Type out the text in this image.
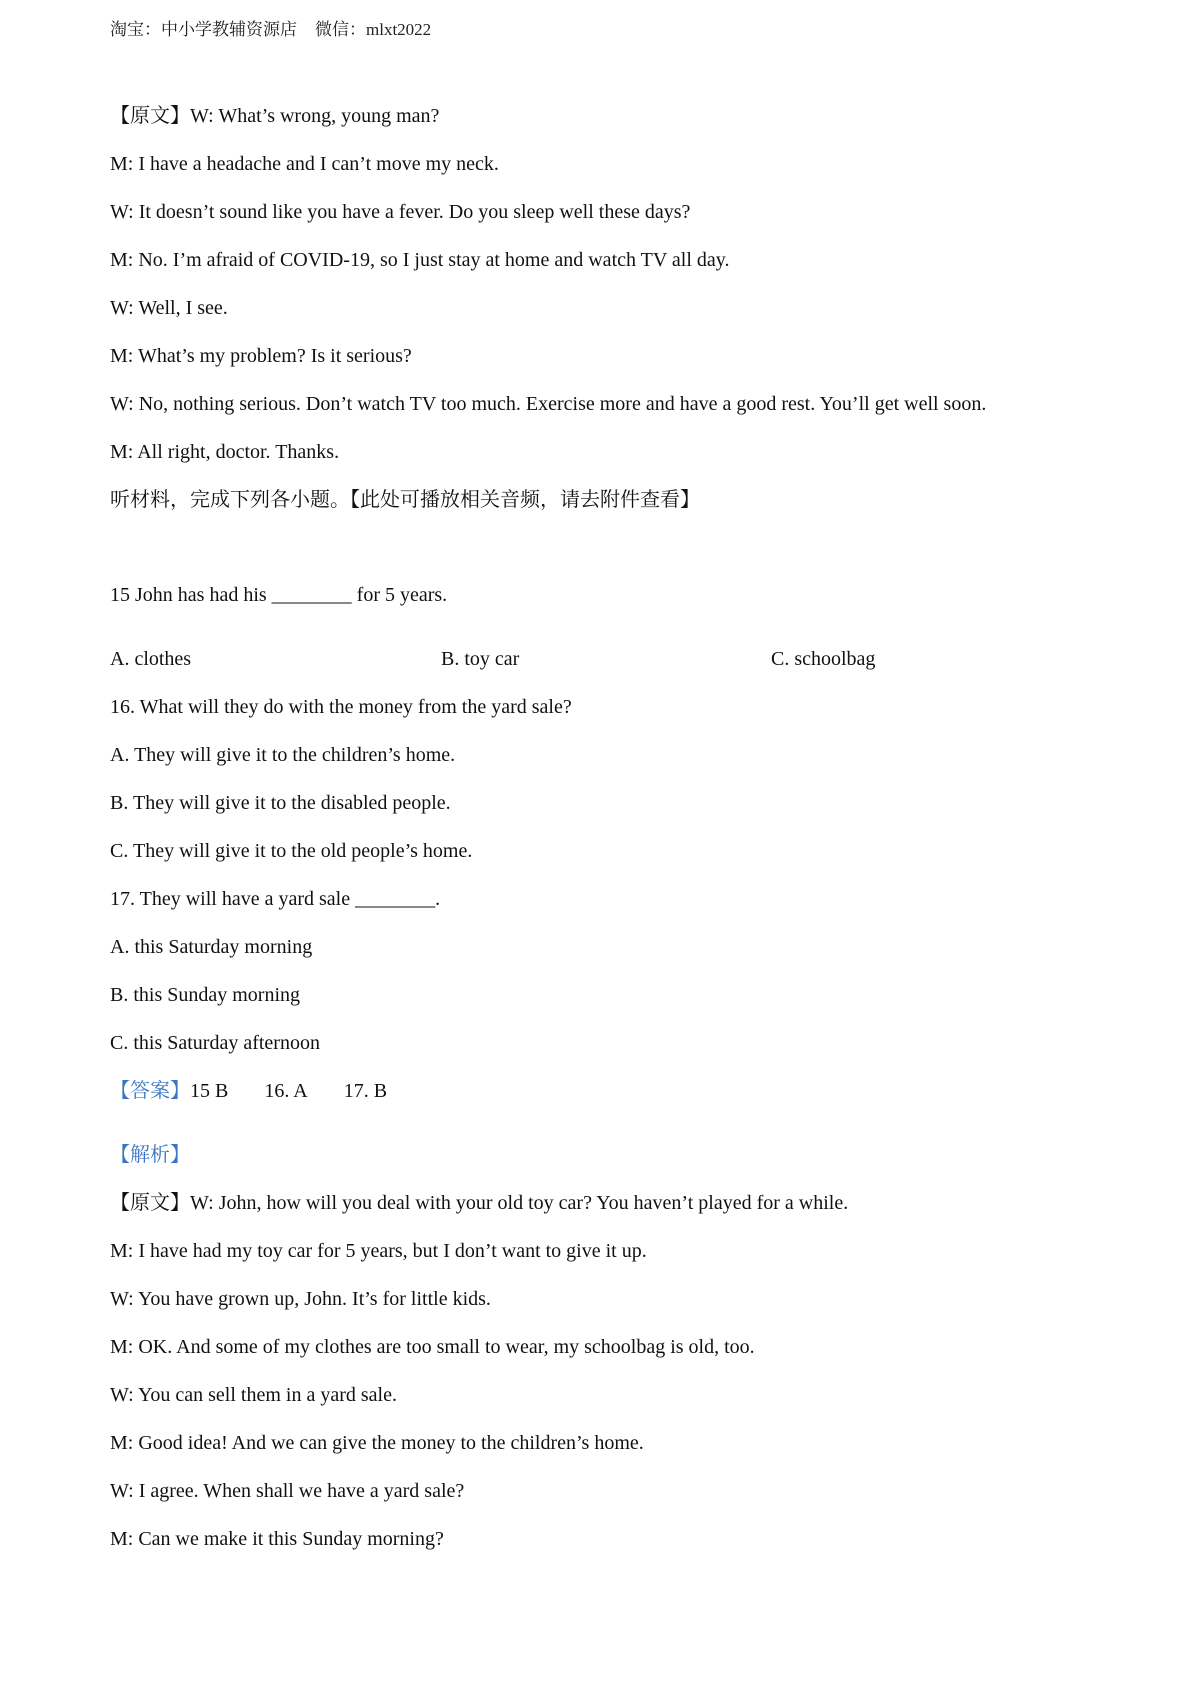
淘宝：中小学教辅资源店 微信：mlxt2022
【原文】W: What’s wrong, young man?
M: I have a headache and I can’t move my neck.
W: It doesn’t sound like you have a fever. Do you sleep well these days?
M: No. I’m afraid of COVID-19, so I just stay at home and watch TV all day.
W: Well, I see.
M: What’s my problem? Is it serious?
W: No, nothing serious. Don’t watch TV too much. Exercise more and have a good rest. You’ll get well soon.
M: All right, doctor. Thanks.
听材料，完成下列各小题。【此处可播放相关音频，请去附件查看】
15 John has had his ________ for 5 years.
A. clothes	B. toy car	C. schoolbag
16. What will they do with the money from the yard sale?
A. They will give it to the children’s home.
B. They will give it to the disabled people.
C. They will give it to the old people’s home.
17. They will have a yard sale ________.
A. this Saturday morning
B. this Sunday morning
C. this Saturday afternoon
【答案】15 B 16. A 17. B
【解析】
【原文】W: John, how will you deal with your old toy car? You haven’t played for a while.
M: I have had my toy car for 5 years, but I don’t want to give it up.
W: You have grown up, John. It’s for little kids.
M: OK. And some of my clothes are too small to wear, my schoolbag is old, too.
W: You can sell them in a yard sale.
M: Good idea! And we can give the money to the children’s home.
W: I agree. When shall we have a yard sale?
M: Can we make it this Sunday morning?
